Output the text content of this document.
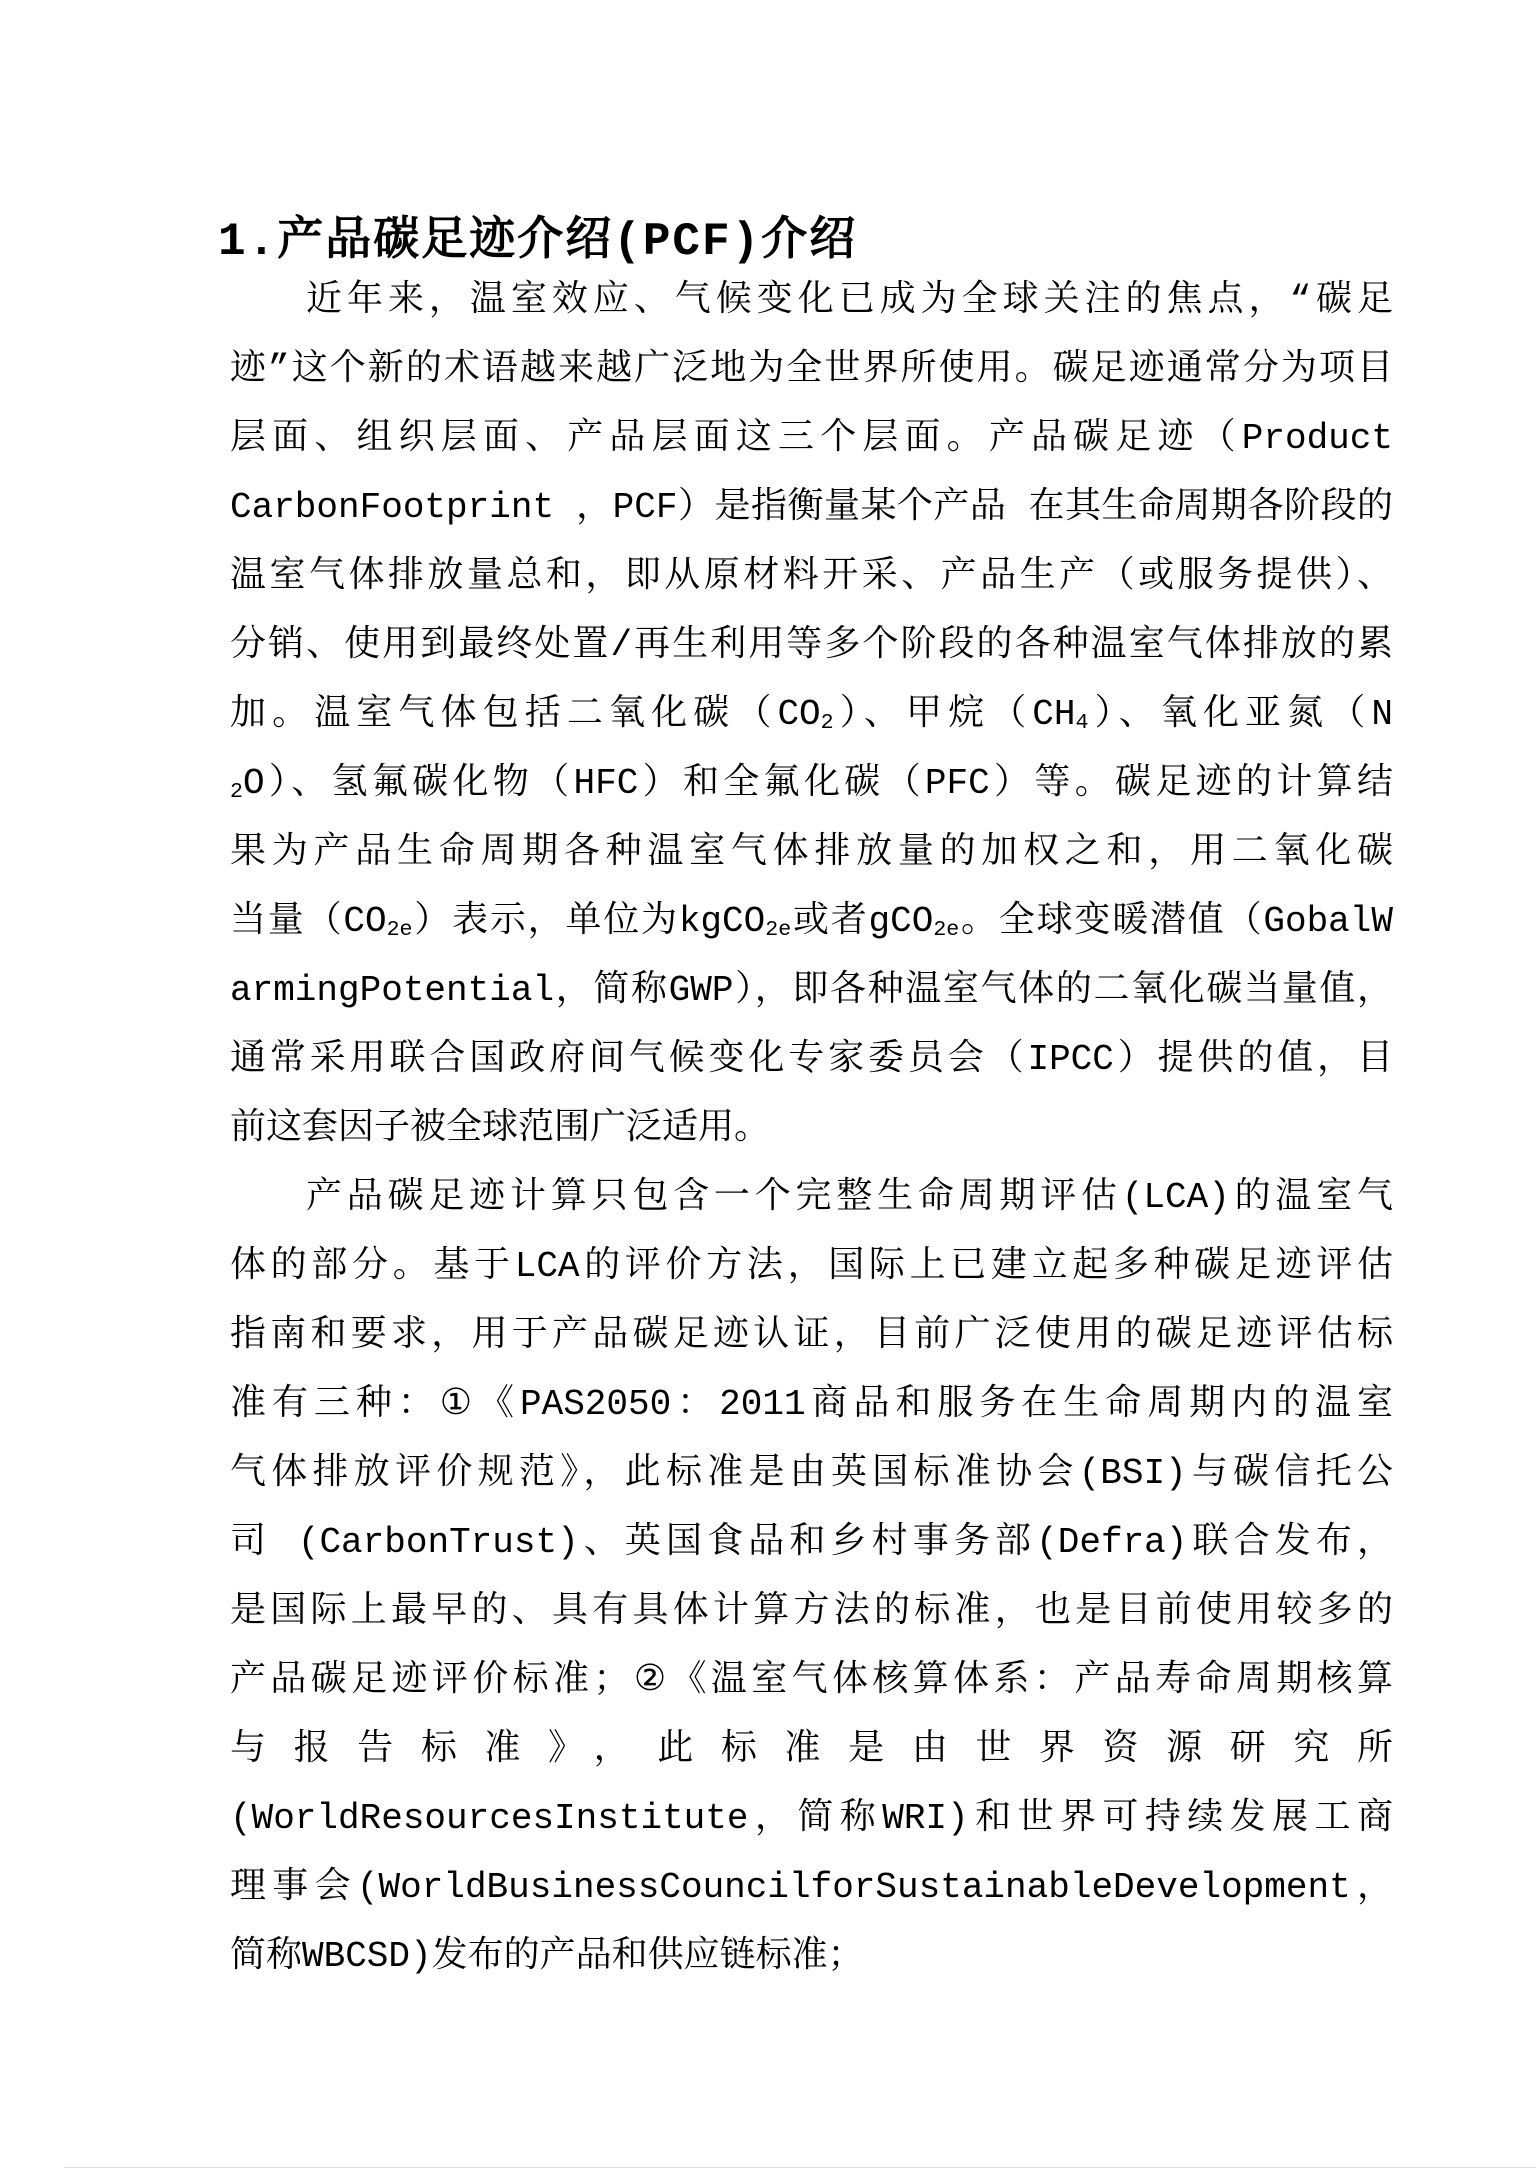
1.产品碳足迹介绍(PCF)介绍
近年来，温室效应、气候变化已成为全球关注的焦点，“碳足
迹”这个新的术语越来越广泛地为全世界所使用。碳足迹通常分为项目
层面、组织层面、产品层面这三个层面。产品碳足迹（Product
CarbonFootprint ，PCF）是指衡量某个产品 在其生命周期各阶段的
温室气体排放量总和，即从原材料开采、产品生产（或服务提供）、
分销、使用到最终处置/再生利用等多个阶段的各种温室气体排放的累
加。温室气体包括二氧化碳$(CO_2)$、甲烷$(CH_4)$、氧化亚氮（N
$_2$O）、氢氟碳化物（HFC）和全氟化碳（PFC）等。碳足迹的计算结
果为产品生命周期各种温室气体排放量的加权之和，用二氧化碳
当量$(CO_{2e})$表示，单位为kgCO$_{2e}$或者gCO$_{2e}$。全球变暖潜值（GobalW
armingPotential，简称GWP），即各种温室气体的二氧化碳当量值，
通常采用联合国政府间气候变化专家委员会（IPCC）提供的值，目
前这套因子被全球范围广泛适用。
产品碳足迹计算只包含一个完整生命周期评估(LCA)的温室气
体的部分。基于LCA的评价方法，国际上已建立起多种碳足迹评估
指南和要求，用于产品碳足迹认证，目前广泛使用的碳足迹评估标
准有三种：①《PAS2050：2011商品和服务在生命周期内的温室
气体排放评价规范》，此标准是由英国标准协会(BSI)与碳信托公
司 (CarbonTrust)、英国食品和乡村事务部(Defra)联合发布，
是国际上最早的、具有具体计算方法的标准，也是目前使用较多的
产品碳足迹评价标准；②《温室气体核算体系：产品寿命周期核算
与报告标准》，此标准是由世界资源研究所
(WorldResourcesInstitute，简称WRI)和世界可持续发展工商
理事会(WorldBusinessCouncilforSustainableDevelopment，
简称WBCSD)发布的产品和供应链标准；
